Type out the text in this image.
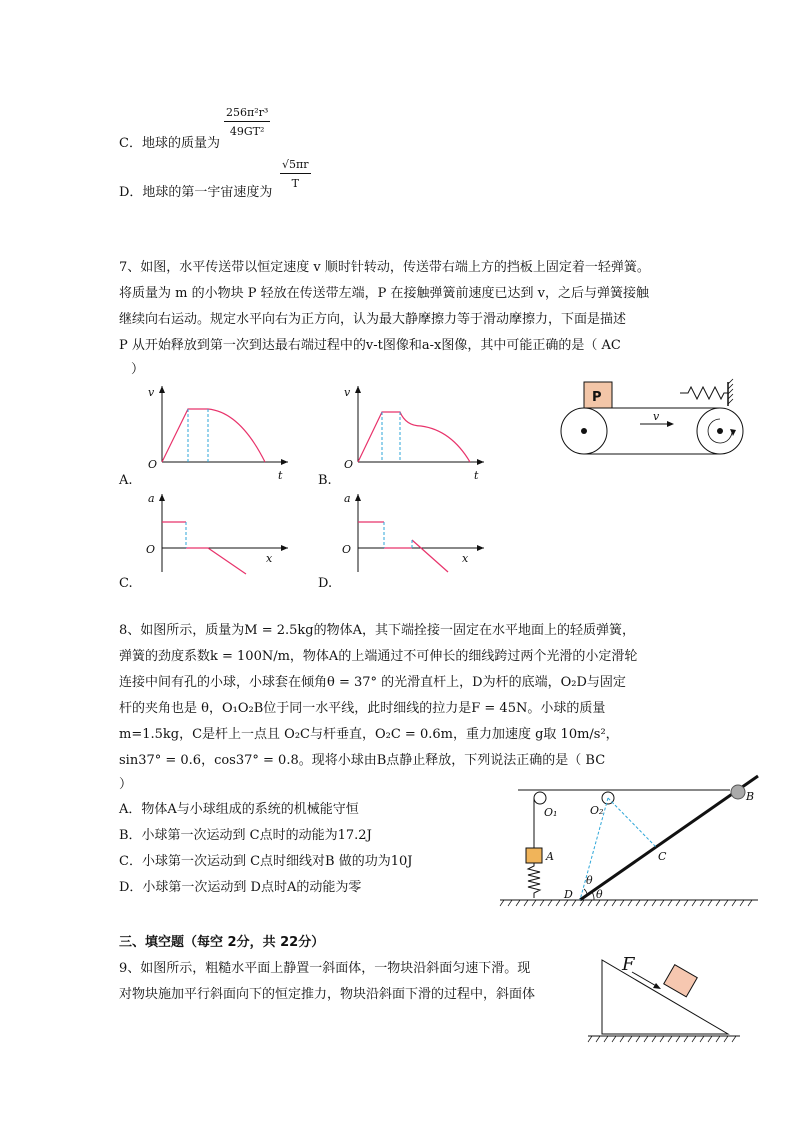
C．地球的质量为
$\frac{\text{256π²r³}}{\text{49GT²}}$
D．地球的第一宇宙速度为
$\frac{√5\pi r}{T}$
7、如图，水平传送带以恒定速度 v 顺时针转动，传送带右端上方的挡板上固定着一轻弹簧。
将质量为 m 的小物块 P 轻放在传送带左端，P 在接触弹簧前速度已达到 v，之后与弹簧接触
继续向右运动。规定水平向右为正方向，认为最大静摩擦力等于滑动摩擦力，下面是描述
P 从开始释放到第一次到达最右端过程中的v-t图像和a-x图像，其中可能正确的是（ AC
）
v
O
t
A.
v
O
t
B.
a
O
x
C.
a
O
x
D.
P
v
8、如图所示，质量为M = 2.5kg的物体A，其下端拴接一固定在水平地面上的轻质弹簧，
弹簧的劲度系数k = 100N/m，物体A的上端通过不可伸长的细线跨过两个光滑的小定滑轮
连接中间有孔的小球，小球套在倾角θ = 37° 的光滑直杆上，D为杆的底端，O₂D与固定
杆的夹角也是 θ，O₁O₂B位于同一水平线，此时细线的拉力是F = 45N。小球的质量
m=1.5kg，C是杆上一点且 O₂C与杆垂直，O₂C = 0.6m，重力加速度 g取 10m/s²，
sin37° = 0.6，cos37° = 0.8。现将小球由B点静止释放，下列说法正确的是（ BC
）
A．物体A与小球组成的系统的机械能守恒
B．小球第一次运动到 C点时的动能为17.2J
C．小球第一次运动到 C点时细线对B 做的功为10J
D．小球第一次运动到 D点时A的动能为零
O₁	O₂
A
B
C
D
θ
θ
三、填空题（每空 2分，共 22分）
9、如图所示，粗糙水平面上静置一斜面体，一物块沿斜面匀速下滑。现
对物块施加平行斜面向下的恒定推力，物块沿斜面下滑的过程中，斜面体
F
